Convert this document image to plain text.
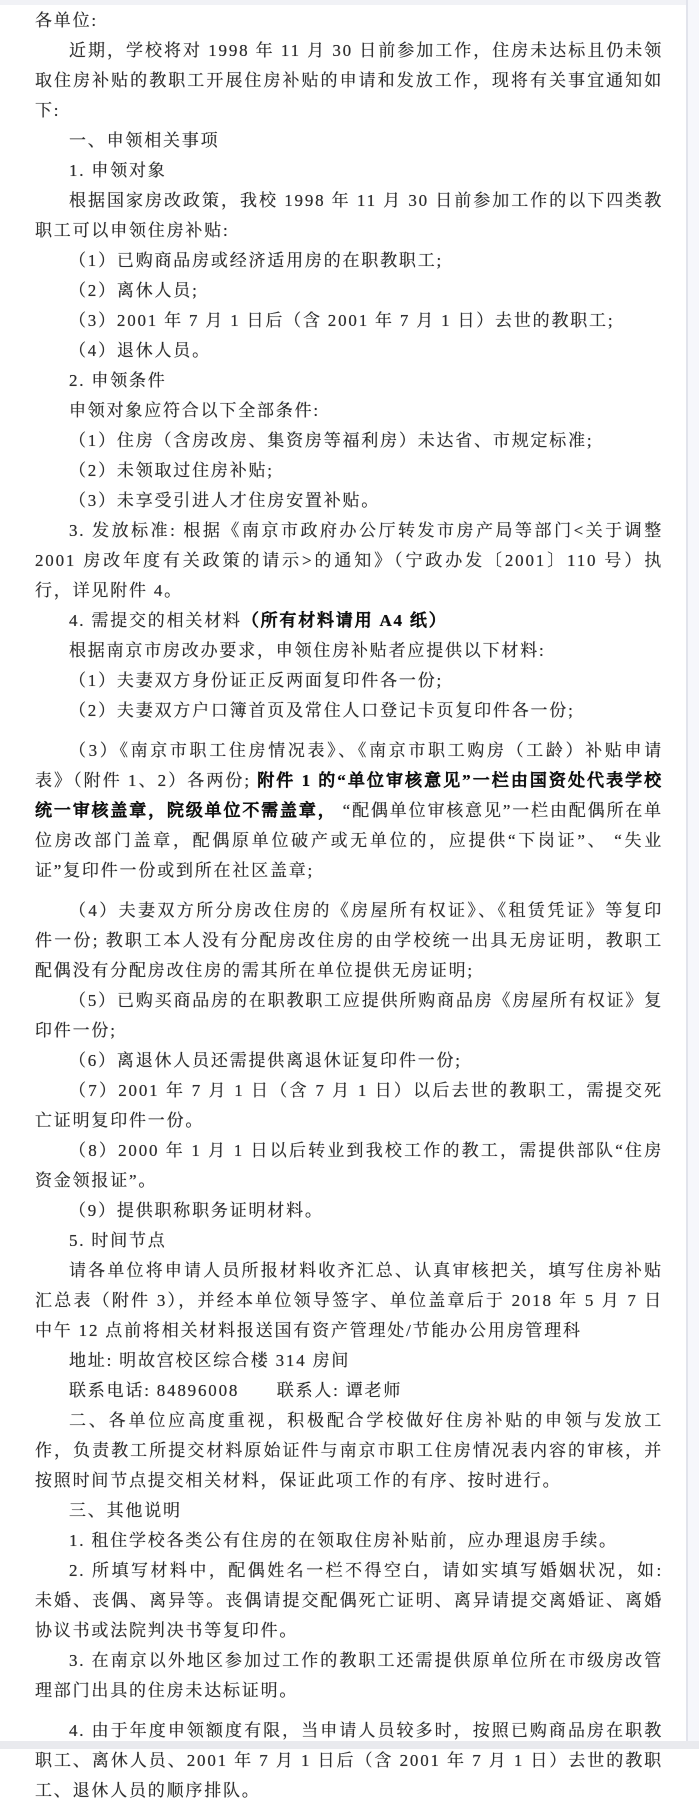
各单位:

近期，学校将对 1998 年 11 月 30 日前参加工作，住房未达标且仍未领取住房补贴的教职工开展住房补贴的申请和发放工作，现将有关事宜通知如下:

一、申领相关事项

1. 申领对象

根据国家房改政策，我校 1998 年 11 月 30 日前参加工作的以下四类教职工可以申领住房补贴:

（1）已购商品房或经济适用房的在职教职工;

（2）离休人员;

（3）2001 年 7 月 1 日后（含 2001 年 7 月 1 日）去世的教职工;

（4）退休人员。

2. 申领条件

申领对象应符合以下全部条件:

（1）住房（含房改房、集资房等福利房）未达省、市规定标准;

（2）未领取过住房补贴;

（3）未享受引进人才住房安置补贴。

3. 发放标准: 根据《南京市政府办公厅转发市房产局等部门<关于调整 2001 房改年度有关政策的请示>的通知》（宁政办发〔2001〕110 号）执行，详见附件 4。

4. 需提交的相关材料（所有材料请用 A4 纸）

根据南京市房改办要求，申领住房补贴者应提供以下材料:

（1）夫妻双方身份证正反两面复印件各一份;

（2）夫妻双方户口簿首页及常住人口登记卡页复印件各一份;

（3）《南京市职工住房情况表》、《南京市职工购房（工龄）补贴申请表》（附件 1、2）各两份; 附件 1 的“单位审核意见”一栏由国资处代表学校统一审核盖章，院级单位不需盖章， “配偶单位审核意见”一栏由配偶所在单位房改部门盖章，配偶原单位破产或无单位的，应提供“下岗证”、 “失业证”复印件一份或到所在社区盖章;

（4）夫妻双方所分房改住房的《房屋所有权证》、《租赁凭证》等复印件一份; 教职工本人没有分配房改住房的由学校统一出具无房证明，教职工配偶没有分配房改住房的需其所在单位提供无房证明;

（5）已购买商品房的在职教职工应提供所购商品房《房屋所有权证》复印件一份;

（6）离退休人员还需提供离退休证复印件一份;

（7）2001 年 7 月 1 日（含 7 月 1 日）以后去世的教职工，需提交死亡证明复印件一份。

（8）2000 年 1 月 1 日以后转业到我校工作的教工，需提供部队“住房资金领报证”。

（9）提供职称职务证明材料。

5. 时间节点

请各单位将申请人员所报材料收齐汇总、认真审核把关，填写住房补贴汇总表（附件 3），并经本单位领导签字、单位盖章后于 2018 年 5 月 7 日中午 12 点前将相关材料报送国有资产管理处/节能办公用房管理科

地址: 明故宫校区综合楼 314 房间

联系电话: 84896008　　联系人: 谭老师

二、各单位应高度重视，积极配合学校做好住房补贴的申领与发放工作，负责教工所提交材料原始证件与南京市职工住房情况表内容的审核，并按照时间节点提交相关材料，保证此项工作的有序、按时进行。

三、其他说明

1. 租住学校各类公有住房的在领取住房补贴前，应办理退房手续。

2. 所填写材料中，配偶姓名一栏不得空白，请如实填写婚姻状况，如: 未婚、丧偶、离异等。丧偶请提交配偶死亡证明、离异请提交离婚证、离婚协议书或法院判决书等复印件。

3. 在南京以外地区参加过工作的教职工还需提供原单位所在市级房改管理部门出具的住房未达标证明。

4. 由于年度申领额度有限，当申请人员较多时，按照已购商品房在职教职工、离休人员、2001 年 7 月 1 日后（含 2001 年 7 月 1 日）去世的教职工、退休人员的顺序排队。
